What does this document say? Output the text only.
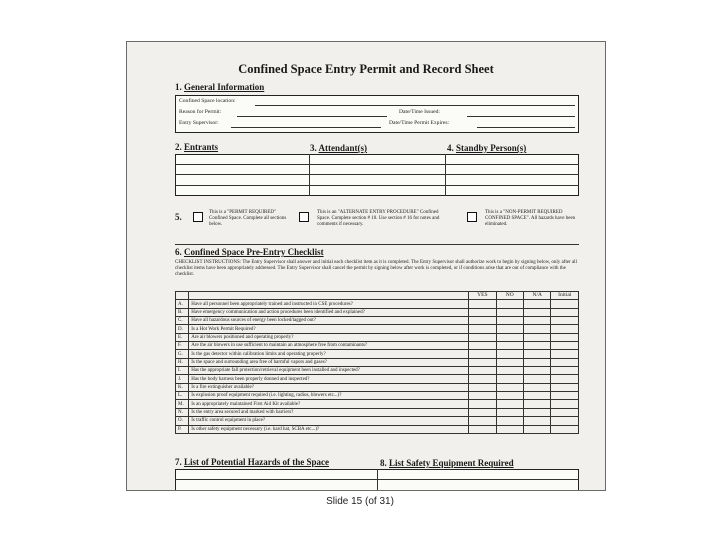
Confined Space Entry Permit and Record Sheet
1. General Information
Confined Space location:
Reason for Permit:	Date/Time Issued:
Entry Supervisor:	Date/Time Permit Expires:
2. Entrants	3. Attendant(s)	4. Standby Person(s)
5.	This is a "PERMIT REQUIRED" Confined Space. Complete all sections below.
This is an "ALTERNATE ENTRY PROCEDURE" Confined Space. Complete section # 10. Use section # 16 for notes and comments if necessary.
This is a "NON-PERMIT REQUIRED CONFINED SPACE". All hazards have been eliminated.
6. Confined Space Pre-Entry Checklist
CHECKLIST INSTRUCTIONS: The Entry Supervisor shall answer and initial each checklist item as it is completed. The Entry Supervisor shall authorize work to begin by signing below, only after all checklist items have been appropriately addressed. The Entry Supervisor shall cancel the permit by signing below after work is completed, or if conditions arise that are out of compliance with the checklist.
		YES	NO	N/A	Initial
A.	Have all personnel been appropriately trained and instructed in CSE procedures?				
B.	Have emergency communication and action procedures been identified and explained?				
C.	Have all hazardous sources of energy been locked/tagged out?				
D.	Is a Hot Work Permit Required?				
E.	Are air blowers positioned and operating properly?				
F.	Are the air blowers in use sufficient to maintain an atmosphere free from contaminants?				
G.	Is the gas detector within calibration limits and operating properly?				
H.	Is the space and surrounding area free of harmful vapors and gases?				
I.	Has the appropriate fall protection/retrieval equipment been installed and inspected?				
J.	Has the body harness been properly donned and inspected?				
K.	Is a fire extinguisher available?				
L.	Is explosion proof equipment required (i.e. lighting, radios, blowers etc...)?				
M.	Is an appropriately maintained First Aid Kit available?				
N.	Is the entry area secured and marked with barriers?				
O.	Is traffic control equipment in place?				
P.	Is other safety equipment necessary (i.e. hard hat, SCBA etc...)?				
7. List of Potential Hazards of the Space	8. List Safety Equipment Required
Slide 15 (of 31)
